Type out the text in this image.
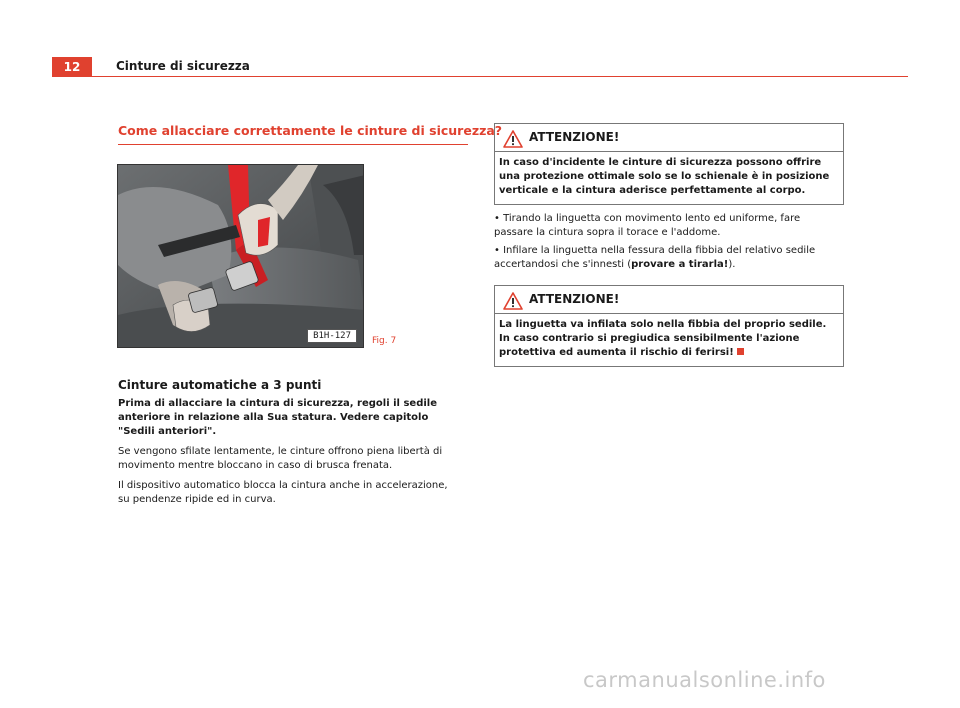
12	Cinture di sicurezza
Come allacciare correttamente le cinture di sicurezza?
B1H-127	Fig. 7
Cinture automatiche a 3 punti

Prima di allacciare la cintura di sicurezza, regoli il sedile anteriore in relazione alla Sua statura. Vedere capitolo "Sedili anteriori".

Se vengono sfilate lentamente, le cinture offrono piena libertà di movimento mentre bloccano in caso di brusca frenata.

Il dispositivo automatico blocca la cintura anche in accelerazione, su pendenze ripide ed in curva.

ATTENZIONE!
In caso d'incidente le cinture di sicurezza possono offrire una protezione ottimale solo se lo schienale è in posizione verticale e la cintura aderisce perfettamente al corpo.

• Tirando la linguetta con movimento lento ed uniforme, fare passare la cintura sopra il torace e l'addome.

• Infilare la linguetta nella fessura della fibbia del relativo sedile accertandosi che s'innesti (provare a tirarla!).

ATTENZIONE!
La linguetta va infilata solo nella fibbia del proprio sedile. In caso contrario si pregiudica sensibilmente l'azione protettiva ed aumenta il rischio di ferirsi!
carmanualsonline.info
